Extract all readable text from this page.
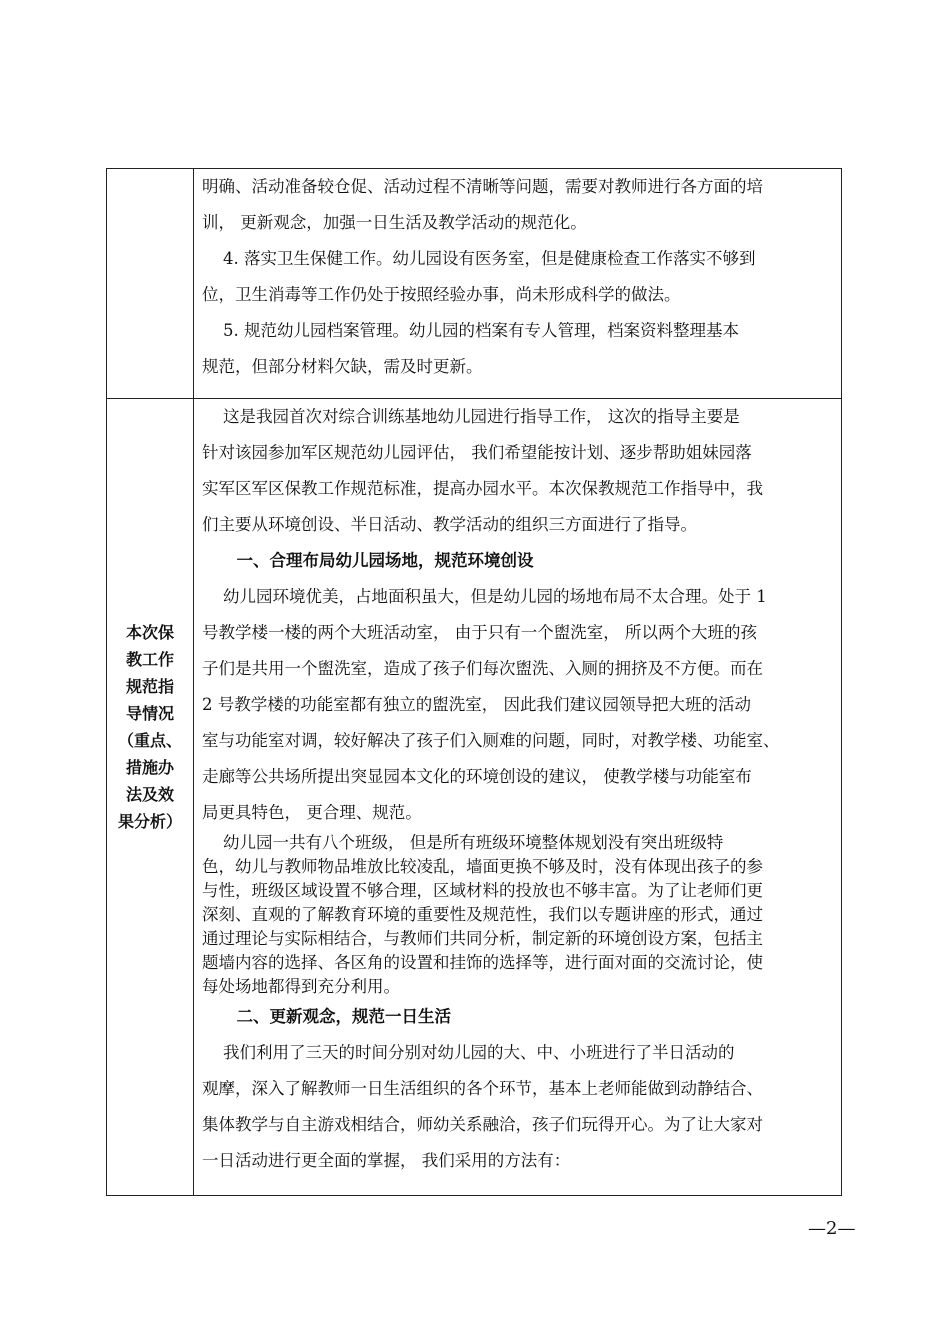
明确、活动准备较仓促、活动过程不清晰等问题，需要对教师进行各方面的培
训， 更新观念，加强一日生活及教学活动的规范化。
4. 落实卫生保健工作。幼儿园设有医务室，但是健康检查工作落实不够到
位，卫生消毒等工作仍处于按照经验办事，尚未形成科学的做法。
5. 规范幼儿园档案管理。幼儿园的档案有专人管理，档案资料整理基本
规范，但部分材料欠缺，需及时更新。
本次保
教工作
规范指
导情况
（重点、
措施办
法及效
果分析）
这是我园首次对综合训练基地幼儿园进行指导工作， 这次的指导主要是
针对该园参加军区规范幼儿园评估， 我们希望能按计划、逐步帮助姐妹园落
实军区军区保教工作规范标准，提高办园水平。本次保教规范工作指导中，我
们主要从环境创设、半日活动、教学活动的组织三方面进行了指导。
一、合理布局幼儿园场地，规范环境创设
幼儿园环境优美，占地面积虽大，但是幼儿园的场地布局不太合理。处于 1
号教学楼一楼的两个大班活动室， 由于只有一个盥洗室， 所以两个大班的孩
子们是共用一个盥洗室，造成了孩子们每次盥洗、入厕的拥挤及不方便。而在
2 号教学楼的功能室都有独立的盥洗室， 因此我们建议园领导把大班的活动
室与功能室对调，较好解决了孩子们入厕难的问题，同时，对教学楼、功能室、
走廊等公共场所提出突显园本文化的环境创设的建议， 使教学楼与功能室布
局更具特色， 更合理、规范。
幼儿园一共有八个班级， 但是所有班级环境整体规划没有突出班级特
色，幼儿与教师物品堆放比较凌乱，墙面更换不够及时，没有体现出孩子的参
与性，班级区域设置不够合理，区域材料的投放也不够丰富。为了让老师们更
深刻、直观的了解教育环境的重要性及规范性，我们以专题讲座的形式，通过
通过理论与实际相结合，与教师们共同分析，制定新的环境创设方案，包括主
题墙内容的选择、各区角的设置和挂饰的选择等，进行面对面的交流讨论，使
每处场地都得到充分利用。
二、更新观念，规范一日生活
我们利用了三天的时间分别对幼儿园的大、中、小班进行了半日活动的
观摩，深入了解教师一日生活组织的各个环节，基本上老师能做到动静结合、
集体教学与自主游戏相结合，师幼关系融洽，孩子们玩得开心。为了让大家对
一日活动进行更全面的掌握， 我们采用的方法有：
—2—
